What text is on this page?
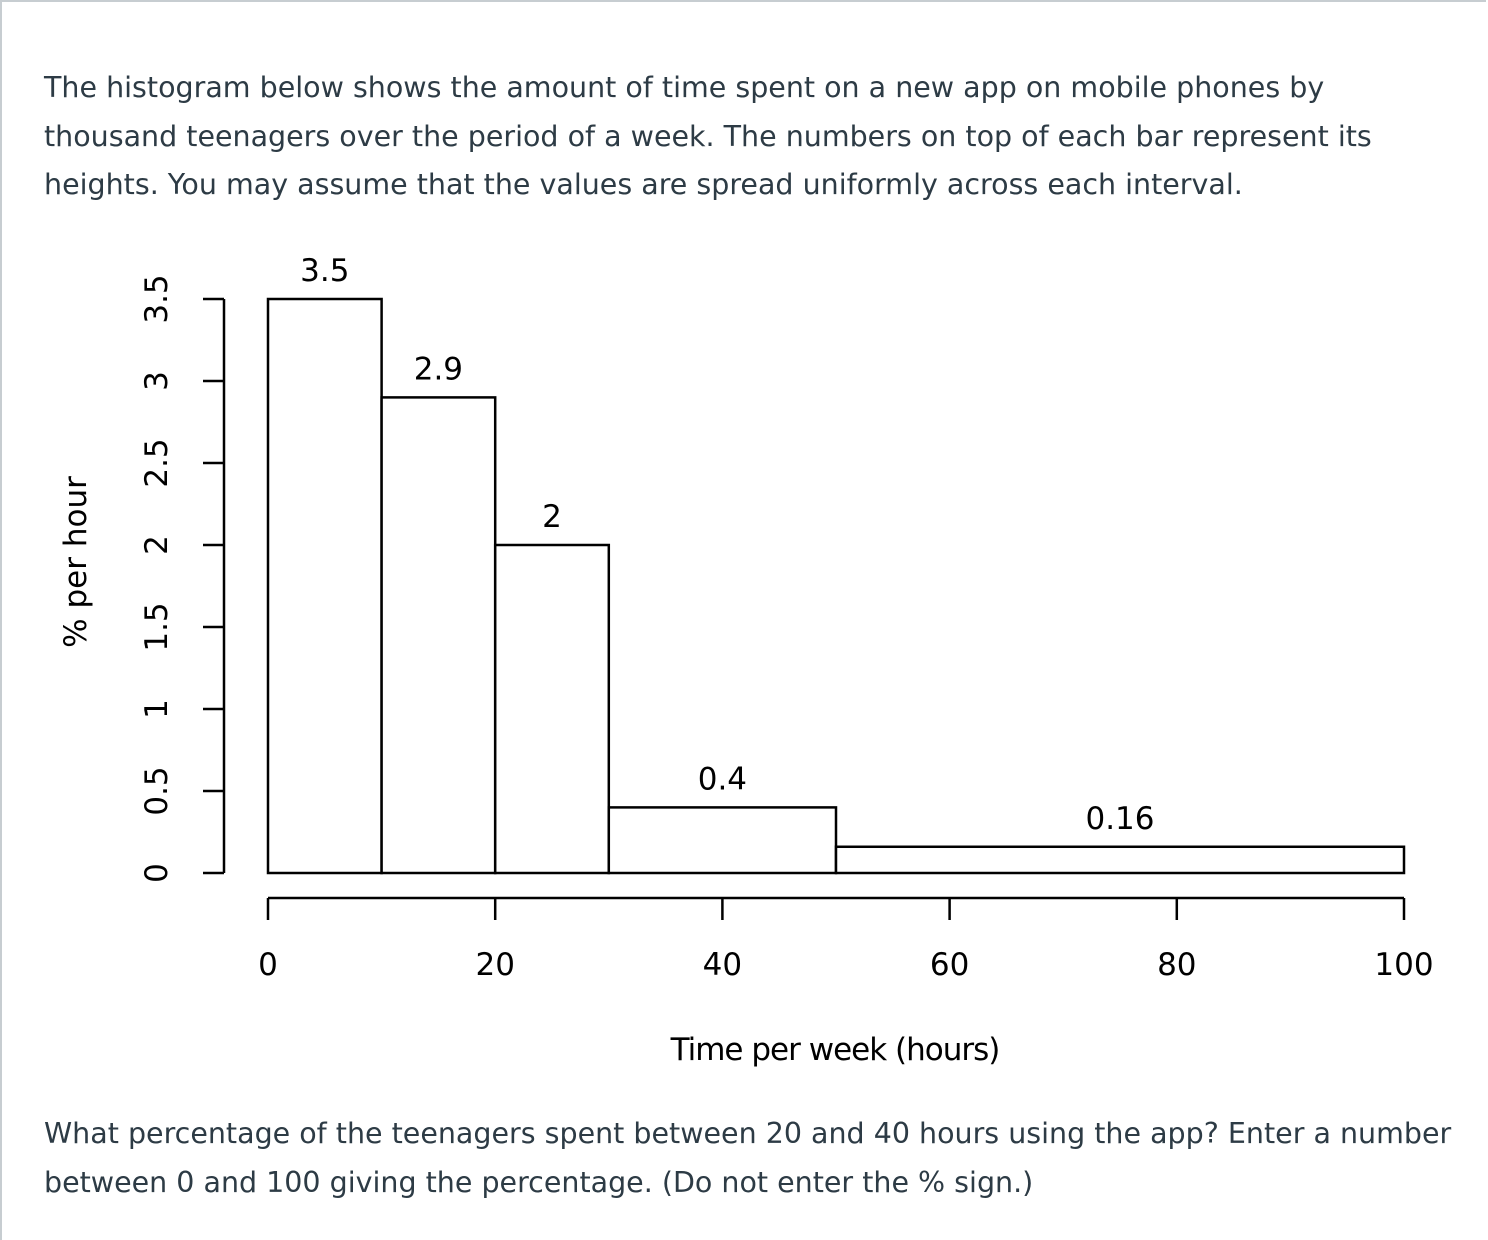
The histogram below shows the amount of time spent on a new app on mobile phones by thousand teenagers over the period of a week. The numbers on top of each bar represent its heights. You may assume that the values are spread uniformly across each interval.

3.5
2.9
2
0.4
0.16
0	20	40	60	80	100
0
0.5
1
1.5
2
2.5
3
3.5
Time per week (hours)
% per hour

What percentage of the teenagers spent between 20 and 40 hours using the app? Enter a number between 0 and 100 giving the percentage. (Do not enter the % sign.)
